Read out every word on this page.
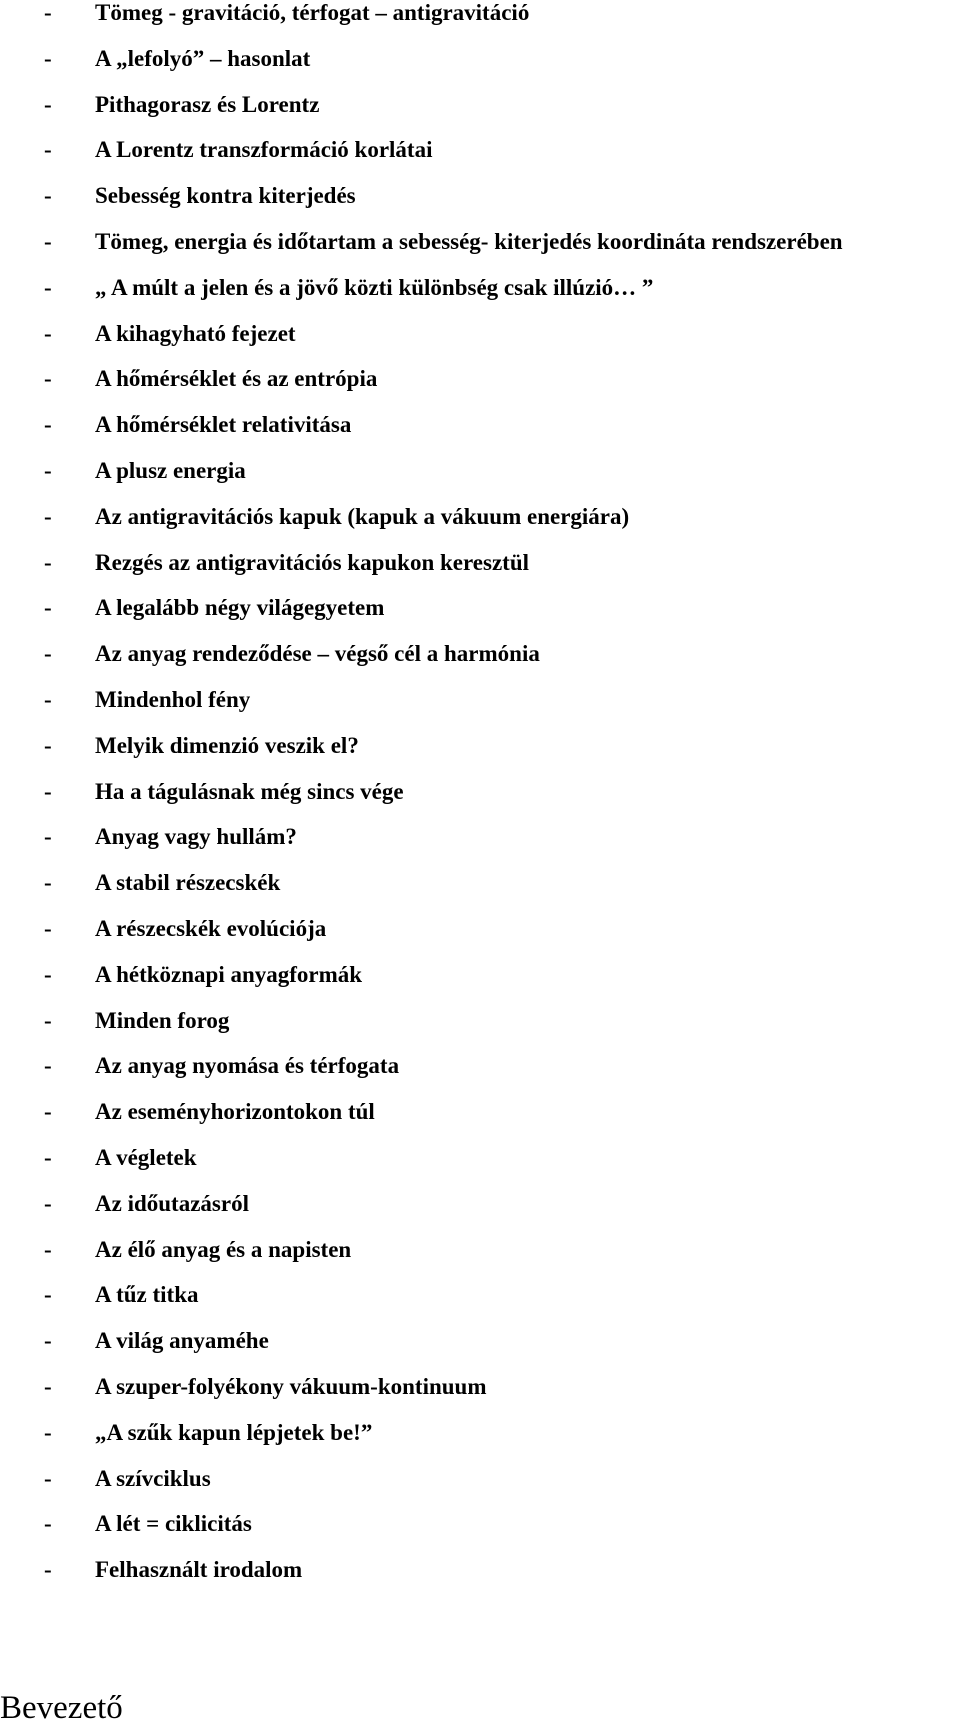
- Tömeg - gravitáció, térfogat – antigravitáció
- A „lefolyó” – hasonlat
- Pithagorasz és Lorentz
- A Lorentz transzformáció korlátai
- Sebesség kontra kiterjedés
- Tömeg, energia és időtartam a sebesség- kiterjedés koordináta rendszerében
- „ A múlt a jelen és a jövő közti különbség csak illúzió… ”
- A kihagyható fejezet
- A hőmérséklet és az entrópia
- A hőmérséklet relativitása
- A plusz energia
- Az antigravitációs kapuk (kapuk a vákuum energiára)
- Rezgés az antigravitációs kapukon keresztül
- A legalább négy világegyetem
- Az anyag rendeződése – végső cél a harmónia
- Mindenhol fény
- Melyik dimenzió veszik el?
- Ha a tágulásnak még sincs vége
- Anyag vagy hullám?
- A stabil részecskék
- A részecskék evolúciója
- A hétköznapi anyagformák
- Minden forog
- Az anyag nyomása és térfogata
- Az eseményhorizontokon túl
- A végletek
- Az időutazásról
- Az élő anyag és a napisten
- A tűz titka
- A világ anyaméhe
- A szuper-folyékony vákuum-kontinuum
- „A szűk kapun lépjetek be!”
- A szívciklus
- A lét = ciklicitás
- Felhasznált irodalom
Bevezető
